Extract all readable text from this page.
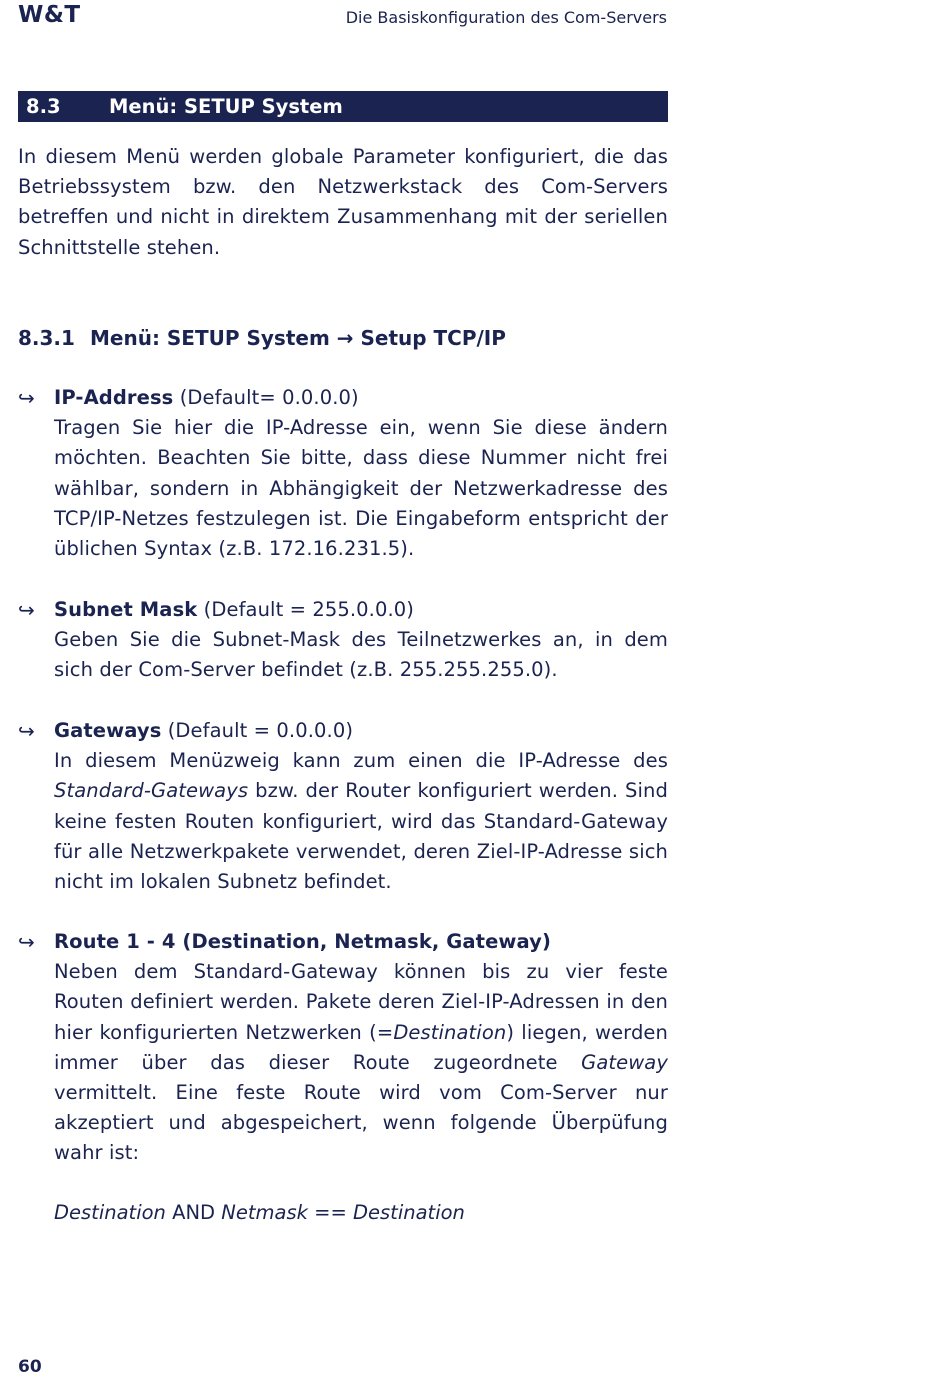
W&T	Die Basiskonfiguration des Com-Servers
8.3 Menü: SETUP System
In diesem Menü werden globale Parameter konfiguriert, die das Betriebssystem bzw. den Netzwerkstack des Com-Servers betreffen und nicht in direktem Zusammenhang mit der seriellen Schnittstelle stehen.
8.3.1 Menü: SETUP System → Setup TCP/IP
↪ IP-Address (Default= 0.0.0.0)
Tragen Sie hier die IP-Adresse ein, wenn Sie diese ändern möchten. Beachten Sie bitte, dass diese Nummer nicht frei wählbar, sondern in Abhängigkeit der Netzwerkadresse des TCP/IP-Netzes festzulegen ist. Die Eingabeform entspricht der üblichen Syntax (z.B. 172.16.231.5).
↪ Subnet Mask (Default = 255.0.0.0)
Geben Sie die Subnet-Mask des Teilnetzwerkes an, in dem sich der Com-Server befindet (z.B. 255.255.255.0).
↪ Gateways (Default = 0.0.0.0)
In diesem Menüzweig kann zum einen die IP-Adresse des Standard-Gateways bzw. der Router konfiguriert werden. Sind keine festen Routen konfiguriert, wird das Standard-Gateway für alle Netzwerkpakete verwendet, deren Ziel-IP-Adresse sich nicht im lokalen Subnetz befindet.
↪ Route 1 - 4 (Destination, Netmask, Gateway)
Neben dem Standard-Gateway können bis zu vier feste Routen definiert werden. Pakete deren Ziel-IP-Adressen in den hier konfigurierten Netzwerken (=Destination) liegen, werden immer über das dieser Route zugeordnete Gateway vermittelt. Eine feste Route wird vom Com-Server nur akzeptiert und abgespeichert, wenn folgende Überpüfung wahr ist:
Destination AND Netmask == Destination
60
